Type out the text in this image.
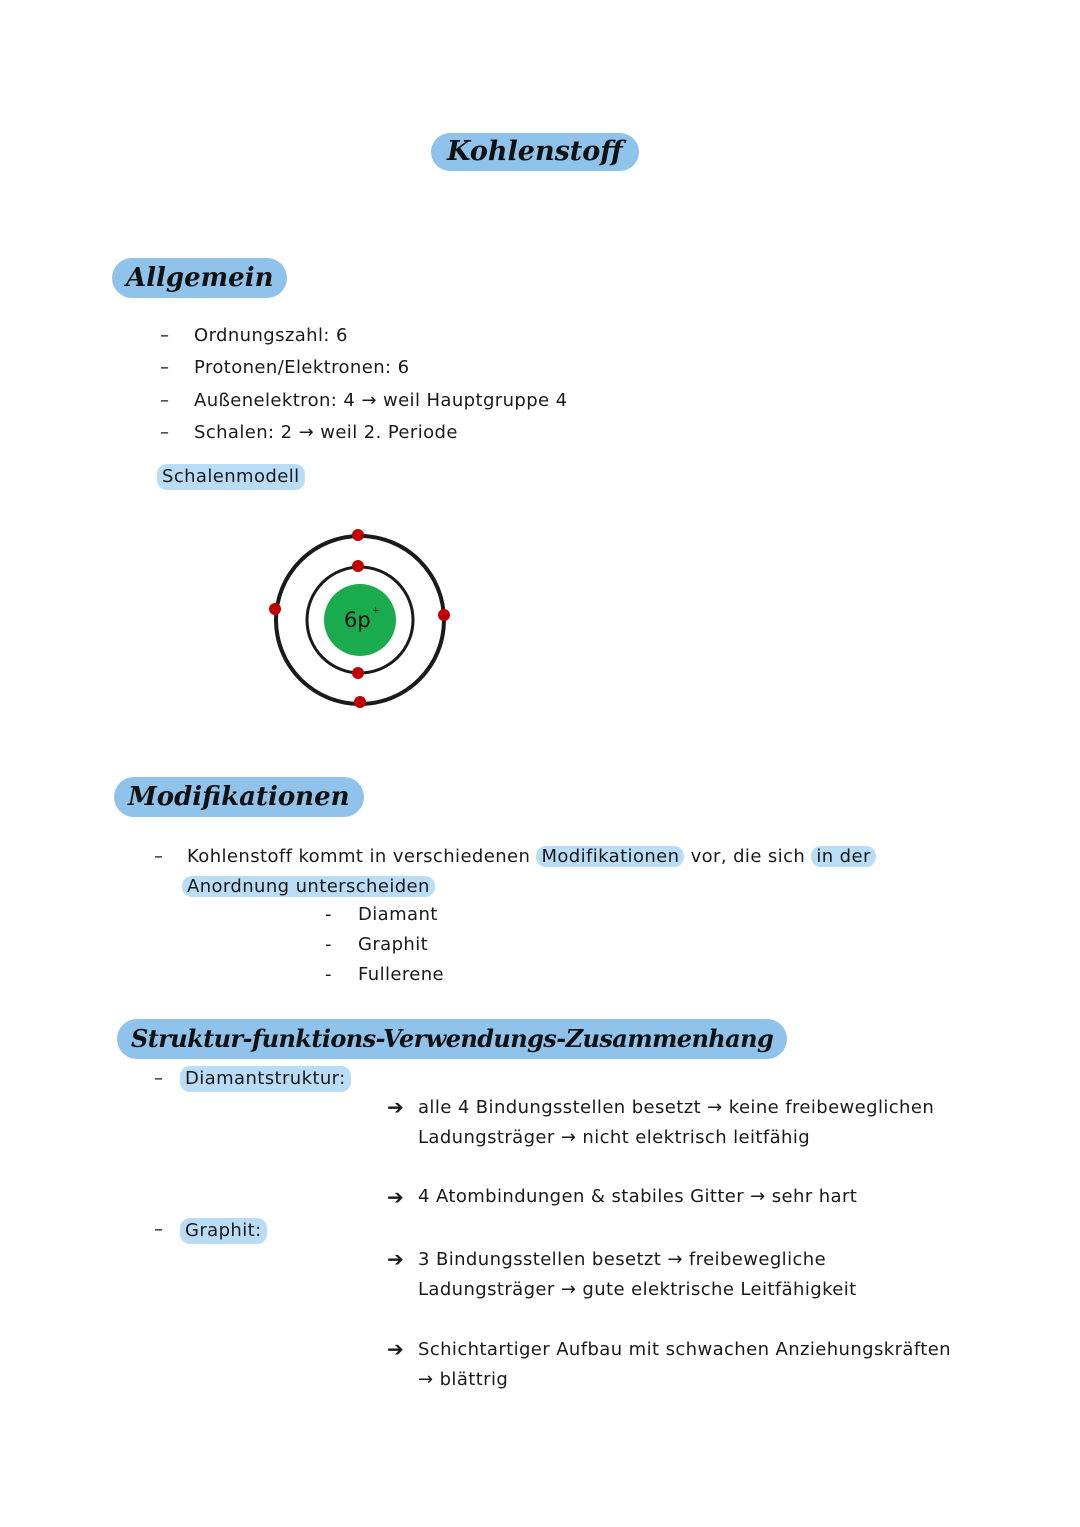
Kohlenstoff
Allgemein
– Ordnungszahl: 6
– Protonen/Elektronen: 6
– Außenelektron: 4 → weil Hauptgruppe 4
– Schalen: 2 → weil 2. Periode
Schalenmodell
6p +
Modifikationen
– Kohlenstoff kommt in verschiedenen Modifikationen vor, die sich in der
Anordnung unterscheiden
- Diamant
- Graphit
- Fullerene
Struktur-funktions-Verwendungs-Zusammenhang
– Diamantstruktur:
➔ alle 4 Bindungsstellen besetzt → keine freibeweglichen
Ladungsträger → nicht elektrisch leitfähig
➔ 4 Atombindungen & stabiles Gitter → sehr hart
– Graphit:
➔ 3 Bindungsstellen besetzt → freibewegliche
Ladungsträger → gute elektrische Leitfähigkeit
➔ Schichtartiger Aufbau mit schwachen Anziehungskräften
→ blättrig
